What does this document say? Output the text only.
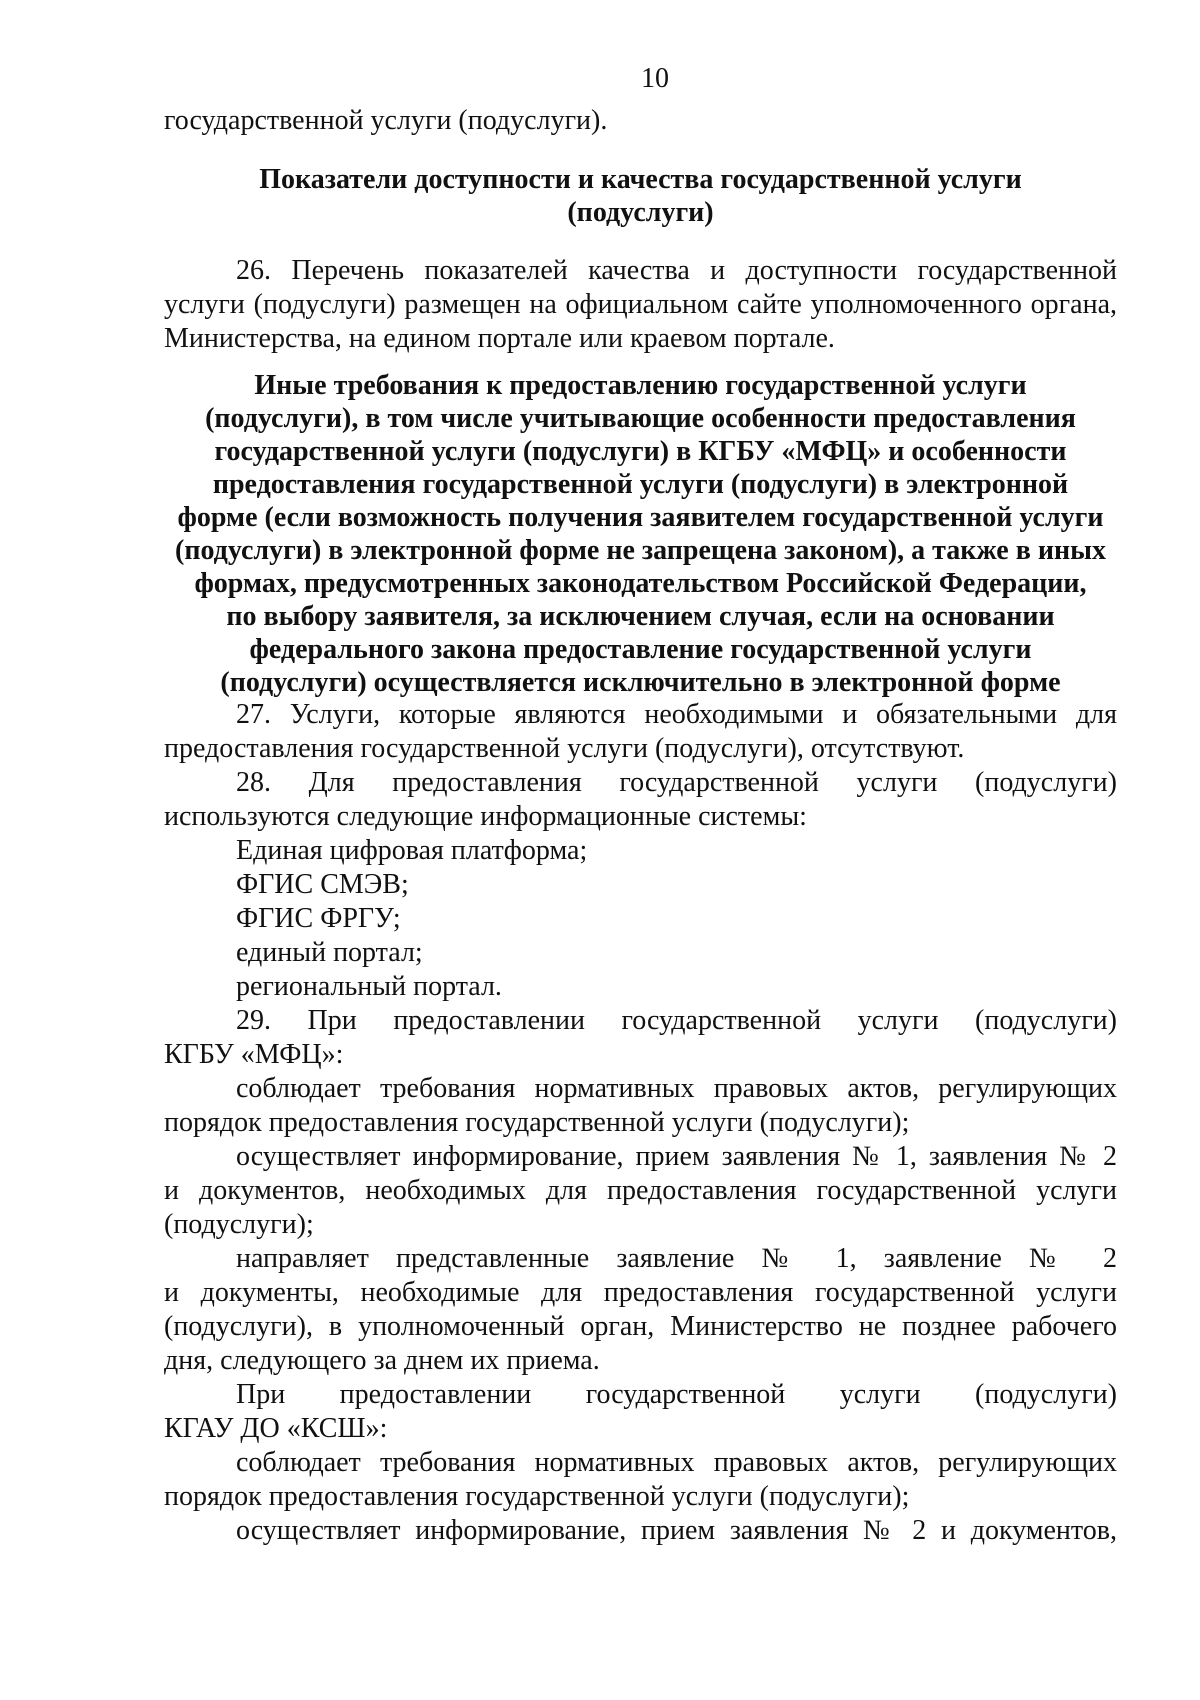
10
государственной услуги (подуслуги).
Показатели доступности и качества государственной услуги
(подуслуги)
26. Перечень показателей качества и доступности государственной
услуги (подуслуги) размещен на официальном сайте уполномоченного органа,
Министерства, на едином портале или краевом портале.
Иные требования к предоставлению государственной услуги
(подуслуги), в том числе учитывающие особенности предоставления
государственной услуги (подуслуги) в КГБУ «МФЦ» и особенности
предоставления государственной услуги (подуслуги) в электронной
форме (если возможность получения заявителем государственной услуги
(подуслуги) в электронной форме не запрещена законом), а также в иных
формах, предусмотренных законодательством Российской Федерации,
по выбору заявителя, за исключением случая, если на основании
федерального закона предоставление государственной услуги
(подуслуги) осуществляется исключительно в электронной форме
27. Услуги, которые являются необходимыми и обязательными для
предоставления государственной услуги (подуслуги), отсутствуют.
28. Для предоставления государственной услуги (подуслуги)
используются следующие информационные системы:
Единая цифровая платформа;
ФГИС СМЭВ;
ФГИС ФРГУ;
единый портал;
региональный портал.
29. При предоставлении государственной услуги (подуслуги)
КГБУ «МФЦ»:
соблюдает требования нормативных правовых актов, регулирующих
порядок предоставления государственной услуги (подуслуги);
осуществляет информирование, прием заявления № 1, заявления № 2
и документов, необходимых для предоставления государственной услуги
(подуслуги);
направляет представленные заявление № 1, заявление № 2
и документы, необходимые для предоставления государственной услуги
(подуслуги), в уполномоченный орган, Министерство не позднее рабочего
дня, следующего за днем их приема.
При предоставлении государственной услуги (подуслуги)
КГАУ ДО «КСШ»:
соблюдает требования нормативных правовых актов, регулирующих
порядок предоставления государственной услуги (подуслуги);
осуществляет информирование, прием заявления № 2 и документов,
